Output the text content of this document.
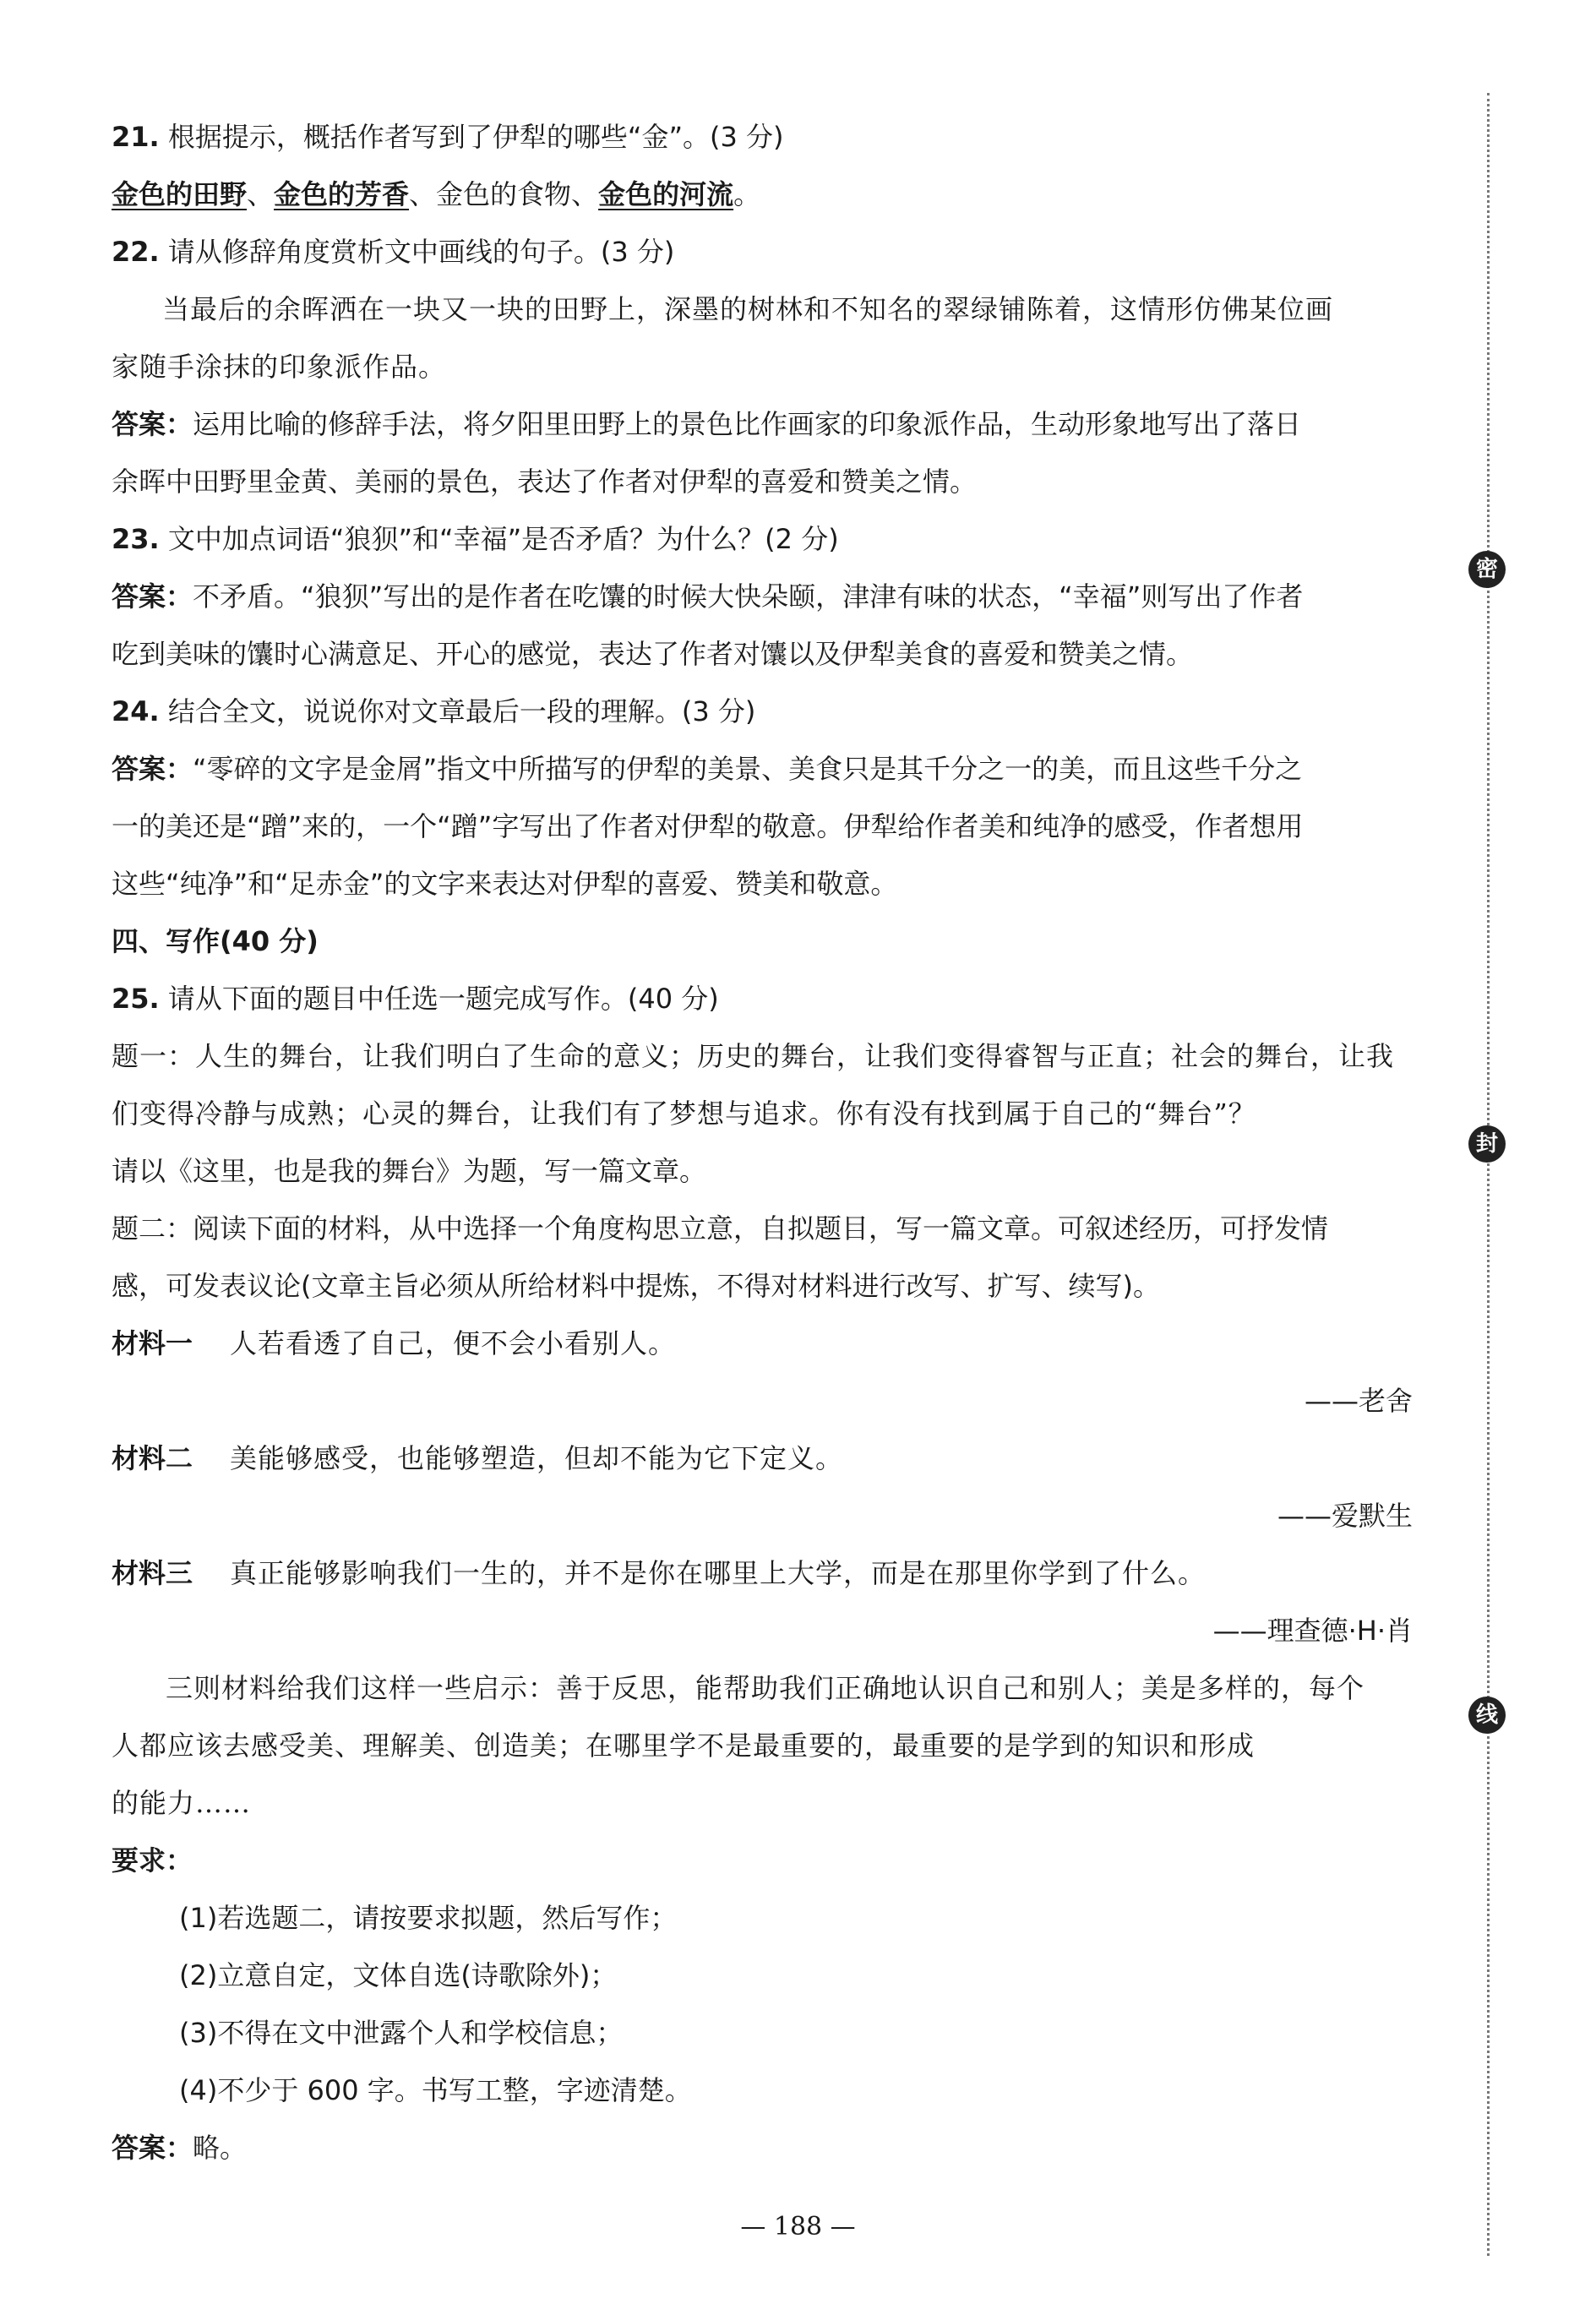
21. 根据提示，概括作者写到了伊犁的哪些“金”。(3 分)

金色的田野、金色的芳香、金色的食物、金色的河流。

22. 请从修辞角度赏析文中画线的句子。(3 分)

当最后的余晖洒在一块又一块的田野上，深墨的树林和不知名的翠绿铺陈着，这情形仿佛某位画

家随手涂抹的印象派作品。

答案：运用比喻的修辞手法，将夕阳里田野上的景色比作画家的印象派作品，生动形象地写出了落日

余晖中田野里金黄、美丽的景色，表达了作者对伊犁的喜爱和赞美之情。

23. 文中加点词语“狼狈”和“幸福”是否矛盾？为什么？(2 分)

答案：不矛盾。“狼狈”写出的是作者在吃馕的时候大快朵颐，津津有味的状态，“幸福”则写出了作者

吃到美味的馕时心满意足、开心的感觉，表达了作者对馕以及伊犁美食的喜爱和赞美之情。

24. 结合全文，说说你对文章最后一段的理解。(3 分)

答案：“零碎的文字是金屑”指文中所描写的伊犁的美景、美食只是其千分之一的美，而且这些千分之

一的美还是“蹭”来的，一个“蹭”字写出了作者对伊犁的敬意。伊犁给作者美和纯净的感受，作者想用

这些“纯净”和“足赤金”的文字来表达对伊犁的喜爱、赞美和敬意。

四、写作(40 分)

25. 请从下面的题目中任选一题完成写作。(40 分)

题一：人生的舞台，让我们明白了生命的意义；历史的舞台，让我们变得睿智与正直；社会的舞台，让我

们变得冷静与成熟；心灵的舞台，让我们有了梦想与追求。你有没有找到属于自己的“舞台”？

请以《这里，也是我的舞台》为题，写一篇文章。

题二：阅读下面的材料，从中选择一个角度构思立意，自拟题目，写一篇文章。可叙述经历，可抒发情

感，可发表议论(文章主旨必须从所给材料中提炼，不得对材料进行改写、扩写、续写)。

材料一 人若看透了自己，便不会小看别人。

——老舍

材料二 美能够感受，也能够塑造，但却不能为它下定义。

——爱默生

材料三 真正能够影响我们一生的，并不是你在哪里上大学，而是在那里你学到了什么。

——理查德·H·肖

三则材料给我们这样一些启示：善于反思，能帮助我们正确地认识自己和别人；美是多样的，每个

人都应该去感受美、理解美、创造美；在哪里学不是最重要的，最重要的是学到的知识和形成

的能力……

要求：

(1)若选题二，请按要求拟题，然后写作；

(2)立意自定，文体自选(诗歌除外)；

(3)不得在文中泄露个人和学校信息；

(4)不少于 600 字。书写工整，字迹清楚。

答案：略。

密
封
线
— 188 —
